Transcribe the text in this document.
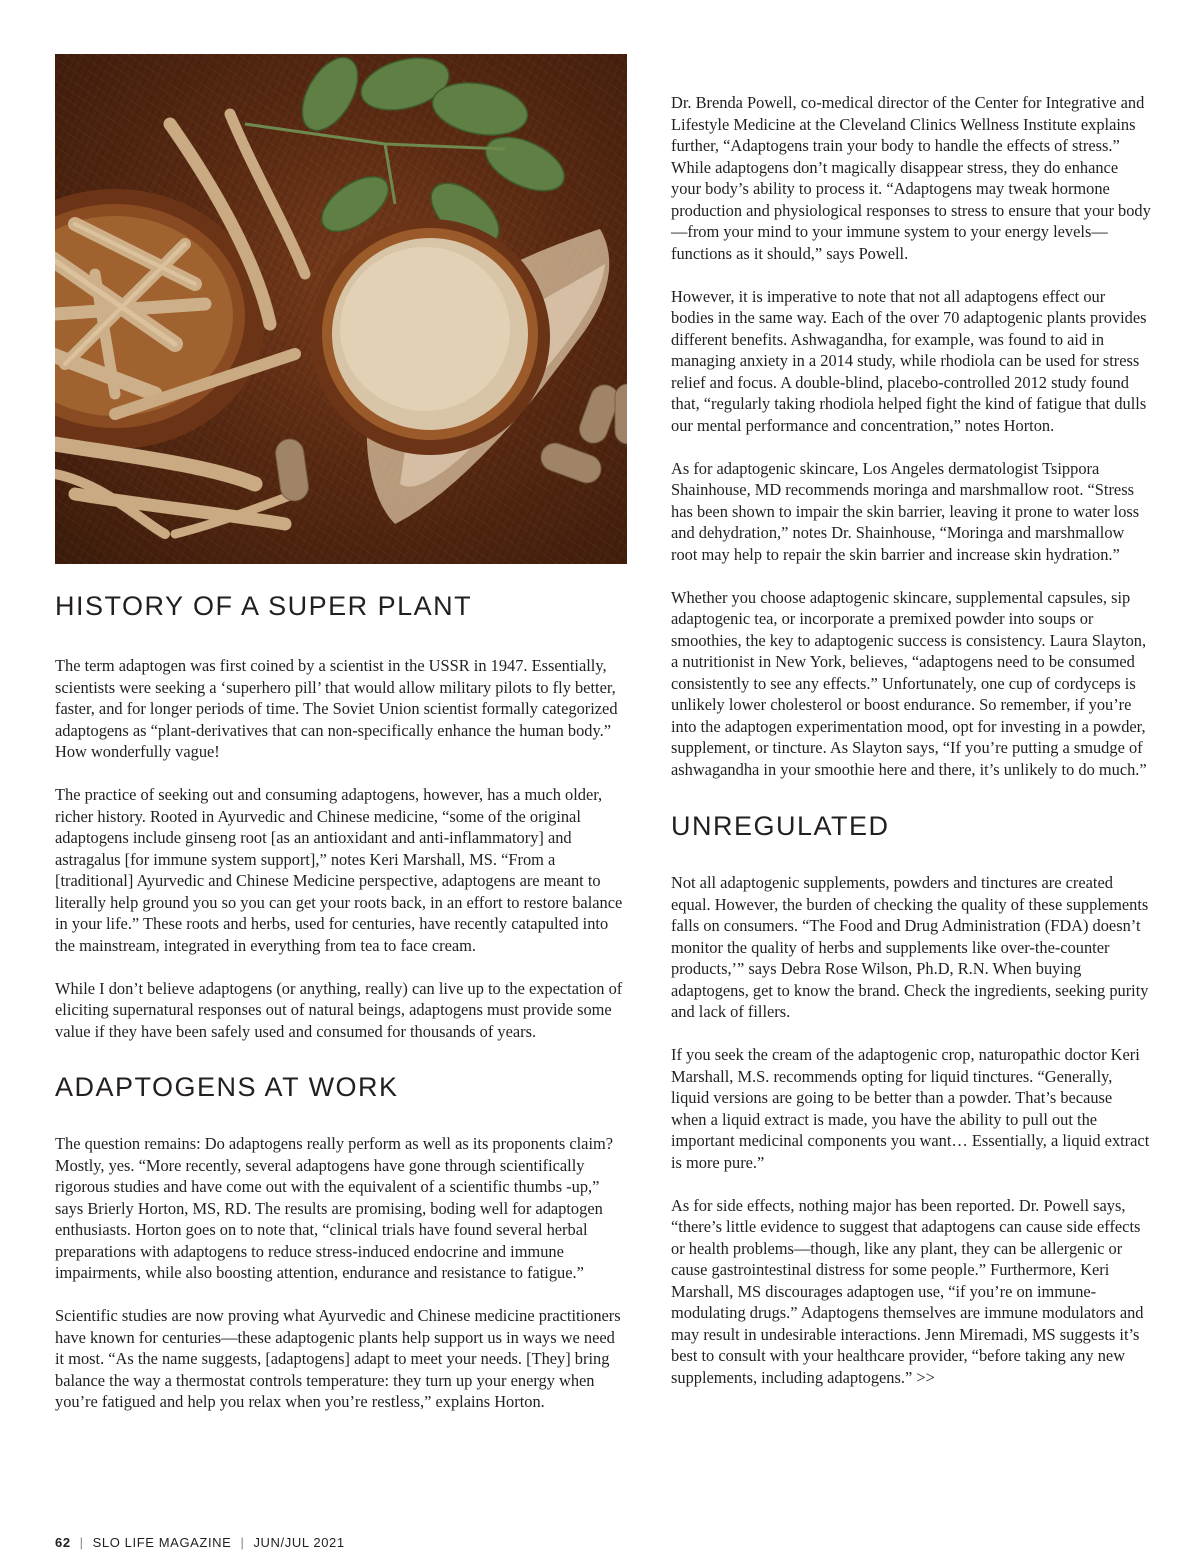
HISTORY OF A SUPER PLANT

The term adaptogen was first coined by a scientist in the USSR in 1947. Essentially, scientists were seeking a ‘superhero pill’ that would allow military pilots to fly better, faster, and for longer periods of time. The Soviet Union scientist formally categorized adaptogens as “plant-derivatives that can non-specifically enhance the human body.” How wonderfully vague!

The practice of seeking out and consuming adaptogens, however, has a much older, richer history. Rooted in Ayurvedic and Chinese medicine, “some of the original adaptogens include ginseng root [as an antioxidant and anti-inflammatory] and astragalus [for immune system support],” notes Keri Marshall, MS. “From a [traditional] Ayurvedic and Chinese Medicine perspective, adaptogens are meant to literally help ground you so you can get your roots back, in an effort to restore balance in your life.” These roots and herbs, used for centuries, have recently catapulted into the mainstream, integrated in everything from tea to face cream.

While I don’t believe adaptogens (or anything, really) can live up to the expectation of eliciting supernatural responses out of natural beings, adaptogens must provide some value if they have been safely used and consumed for thousands of years.

ADAPTOGENS AT WORK

The question remains: Do adaptogens really perform as well as its proponents claim? Mostly, yes. “More recently, several adaptogens have gone through scientifically rigorous studies and have come out with the equivalent of a scientific thumbs -up,” says Brierly Horton, MS, RD. The results are promising, boding well for adaptogen enthusiasts. Horton goes on to note that, “clinical trials have found several herbal preparations with adaptogens to reduce stress-induced endocrine and immune impairments, while also boosting attention, endurance and resistance to fatigue.”

Scientific studies are now proving what Ayurvedic and Chinese medicine practitioners have known for centuries—these adaptogenic plants help support us in ways we need it most. “As the name suggests, [adaptogens] adapt to meet your needs. [They] bring balance the way a thermostat controls temperature: they turn up your energy when you’re fatigued and help you relax when you’re restless,” explains Horton.

Dr. Brenda Powell, co-medical director of the Center for Integrative and Lifestyle Medicine at the Cleveland Clinics Wellness Institute explains further, “Adaptogens train your body to handle the effects of stress.” While adaptogens don’t magically disappear stress, they do enhance your body’s ability to process it. “Adaptogens may tweak hormone production and physiological responses to stress to ensure that your body—from your mind to your immune system to your energy levels—functions as it should,” says Powell.

However, it is imperative to note that not all adaptogens effect our bodies in the same way. Each of the over 70 adaptogenic plants provides different benefits. Ashwagandha, for example, was found to aid in managing anxiety in a 2014 study, while rhodiola can be used for stress relief and focus. A double-blind, placebo-controlled 2012 study found that, “regularly taking rhodiola helped fight the kind of fatigue that dulls our mental performance and concentration,” notes Horton.

As for adaptogenic skincare, Los Angeles dermatologist Tsippora Shainhouse, MD recommends moringa and marshmallow root. “Stress has been shown to impair the skin barrier, leaving it prone to water loss and dehydration,” notes Dr. Shainhouse, “Moringa and marshmallow root may help to repair the skin barrier and increase skin hydration.”

Whether you choose adaptogenic skincare, supplemental capsules, sip adaptogenic tea, or incorporate a premixed powder into soups or smoothies, the key to adaptogenic success is consistency. Laura Slayton, a nutritionist in New York, believes, “adaptogens need to be consumed consistently to see any effects.” Unfortunately, one cup of cordyceps is unlikely lower cholesterol or boost endurance. So remember, if you’re into the adaptogen experimentation mood, opt for investing in a powder, supplement, or tincture. As Slayton says, “If you’re putting a smudge of ashwagandha in your smoothie here and there, it’s unlikely to do much.”

UNREGULATED

Not all adaptogenic supplements, powders and tinctures are created equal. However, the burden of checking the quality of these supplements falls on consumers. “The Food and Drug Administration (FDA) doesn’t monitor the quality of herbs and supplements like over-the-counter products,’” says Debra Rose Wilson, Ph.D, R.N. When buying adaptogens, get to know the brand. Check the ingredients, seeking purity and lack of fillers.

If you seek the cream of the adaptogenic crop, naturopathic doctor Keri Marshall, M.S. recommends opting for liquid tinctures. “Generally, liquid versions are going to be better than a powder. That’s because when a liquid extract is made, you have the ability to pull out the important medicinal components you want… Essentially, a liquid extract is more pure.”

As for side effects, nothing major has been reported. Dr. Powell says, “there’s little evidence to suggest that adaptogens can cause side effects or health problems—though, like any plant, they can be allergenic or cause gastrointestinal distress for some people.” Furthermore, Keri Marshall, MS discourages adaptogen use, “if you’re on immune-modulating drugs.” Adaptogens themselves are immune modulators and may result in undesirable interactions. Jenn Miremadi, MS suggests it’s best to consult with your healthcare provider, “before taking any new supplements, including adaptogens.” >>

62 | SLO LIFE MAGAZINE | JUN/JUL 2021
